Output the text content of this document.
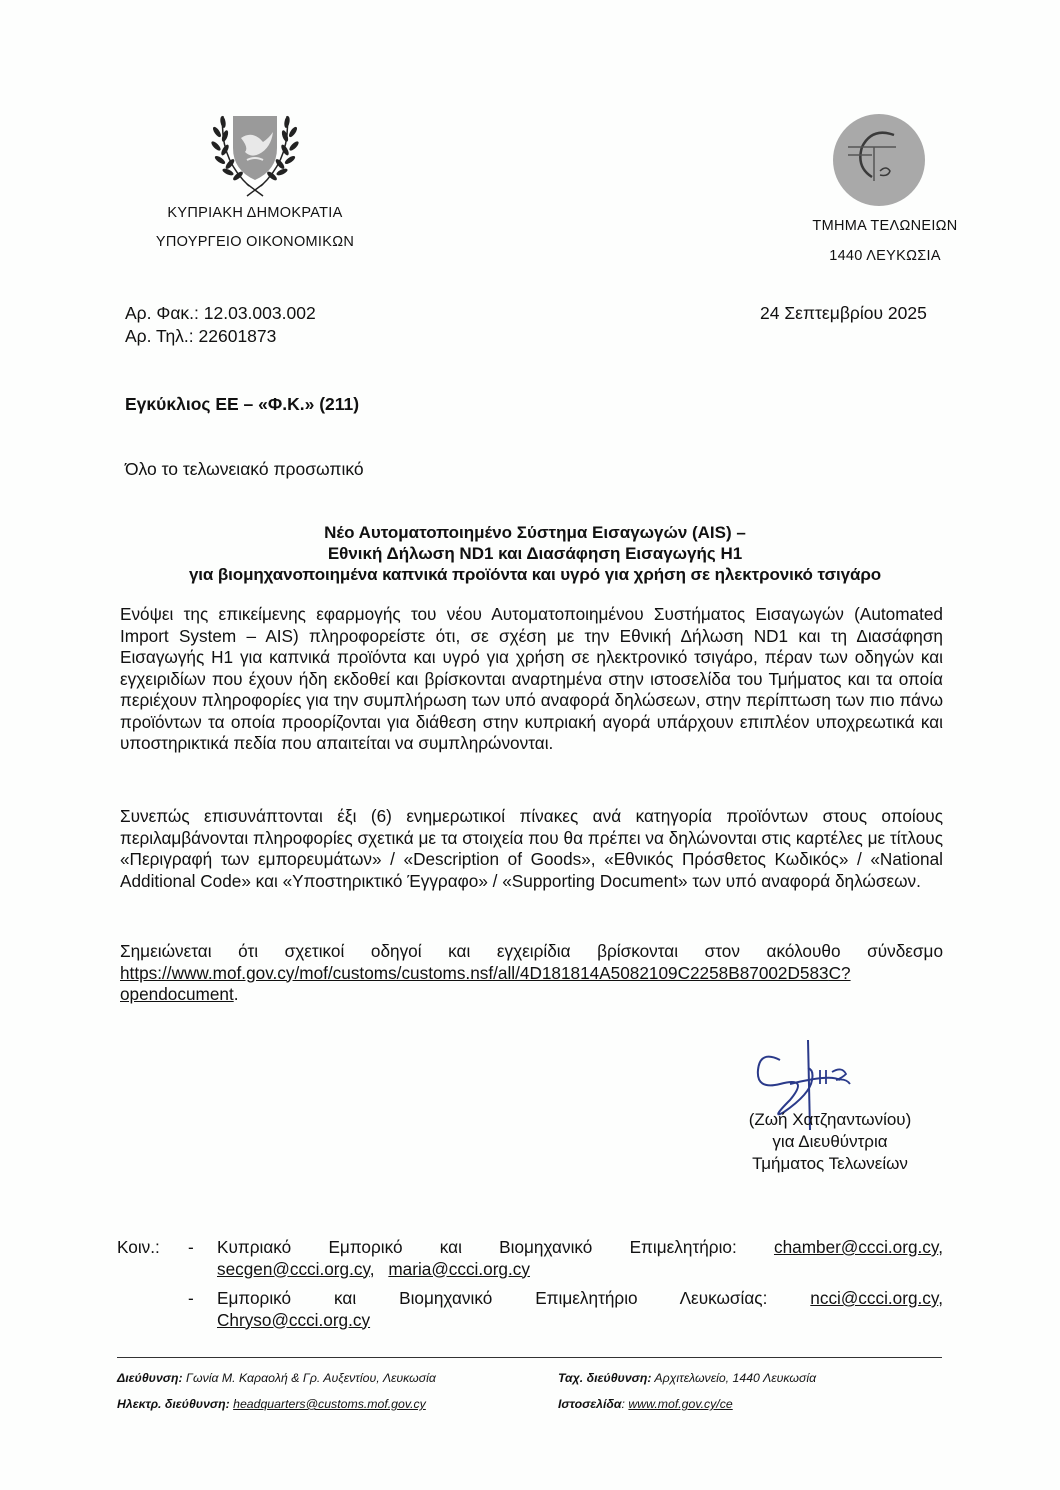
ΚΥΠΡΙΑΚΗ ΔΗΜΟΚΡΑΤΙΑ
ΥΠΟΥΡΓΕΙΟ ΟΙΚΟΝΟΜΙΚΩΝ
ΤΜΗΜΑ ΤΕΛΩΝΕΙΩΝ
1440 ΛΕΥΚΩΣΙΑ
Αρ. Φακ.: 12.03.003.002
Αρ. Τηλ.: 22601873
24 Σεπτεμβρίου 2025
Εγκύκλιος ΕΕ – «Φ.Κ.» (211)
Όλο το τελωνειακό προσωπικό
Νέο Αυτοματοποιημένο Σύστημα Εισαγωγών (AIS) –
Εθνική Δήλωση ND1 και Διασάφηση Εισαγωγής Η1
για βιομηχανοποιημένα καπνικά προϊόντα και υγρό για χρήση σε ηλεκτρονικό τσιγάρο
Ενόψει της επικείμενης εφαρμογής του νέου Αυτοματοποιημένου Συστήματος Εισαγωγών (Automated Import System – AIS) πληροφορείστε ότι, σε σχέση με την Εθνική Δήλωση ND1 και τη Διασάφηση Εισαγωγής H1 για καπνικά προϊόντα και υγρό για χρήση σε ηλεκτρονικό τσιγάρο, πέραν των οδηγών και εγχειριδίων που έχουν ήδη εκδοθεί και βρίσκονται αναρτημένα στην ιστοσελίδα του Τμήματος και τα οποία περιέχουν πληροφορίες για την συμπλήρωση των υπό αναφορά δηλώσεων, στην περίπτωση των πιο πάνω προϊόντων τα οποία προορίζονται για διάθεση στην κυπριακή αγορά υπάρχουν επιπλέον υποχρεωτικά και υποστηρικτικά πεδία που απαιτείται να συμπληρώνονται.
Συνεπώς επισυνάπτονται έξι (6) ενημερωτικοί πίνακες ανά κατηγορία προϊόντων στους οποίους περιλαμβάνονται πληροφορίες σχετικά με τα στοιχεία που θα πρέπει να δηλώνονται στις καρτέλες με τίτλους «Περιγραφή των εμπορευμάτων» / «Description of Goods», «Εθνικός Πρόσθετος Κωδικός» / «National Additional Code» και «Υποστηρικτικό Έγγραφο» / «Supporting Document» των υπό αναφορά δηλώσεων.
Σημειώνεται ότι σχετικοί οδηγοί και εγχειρίδια βρίσκονται στον ακόλουθο σύνδεσμο https://www.mof.gov.cy/mof/customs/customs.nsf/all/4D181814A5082109C2258B87002D583C?opendocument.
(Ζωή Χατζηαντωνίου)
για Διευθύντρια
Τμήματος Τελωνείων
Κοιν.: - Κυπριακό Εμπορικό και Βιομηχανικό Επιμελητήριο: chamber@ccci.org.cy, secgen@ccci.org.cy, maria@ccci.org.cy
- Εμπορικό και Βιομηχανικό Επιμελητήριο Λευκωσίας: ncci@ccci.org.cy, Chryso@ccci.org.cy
Διεύθυνση: Γωνία Μ. Καραολή & Γρ. Αυξεντίου, Λευκωσία
Ηλεκτρ. διεύθυνση: headquarters@customs.mof.gov.cy
Ταχ. διεύθυνση: Αρχιτελωνείο, 1440 Λευκωσία
Ιστοσελίδα: www.mof.gov.cy/ce
